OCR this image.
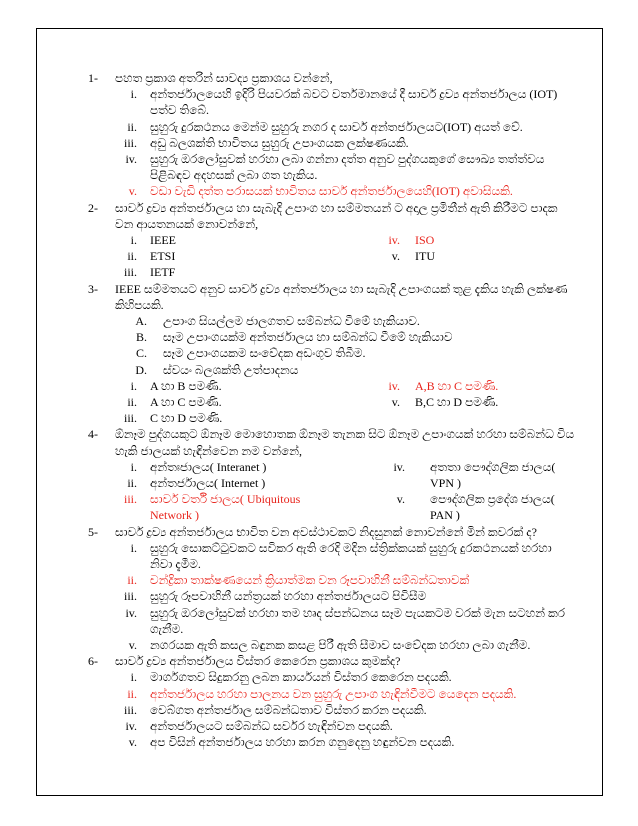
1-	පහත ප්‍රකාශ අතරින් සාවද්‍ය ප්‍රකාශය වන්නේ,
i. අන්තර්ජාලයෙහි ඉදිරි පියවරක් බවට වර්තමානයේ දී සාර්ව ද්‍රව්‍ය අන්තර්ජාලය (IOT)
පත්ව තිබේ.
ii. සුහුරු දුරකථනය මෙන්ම සුහුරු නගර ද සාර්ව අන්තර්ජාලයට(IOT) අයත් වේ.
iii. අඩු බලශක්ති භාවිතය සුහුරු උපාංගයක ලක්ෂණයකි.
iv. සුහුරු ඔරලෝසුවක් හරහා ලබා ගන්නා දත්ත අනුව පුද්ගයකුගේ සෞඛ්‍ය තත්ත්වය
පිළිබඳව අදහසක් ලබා ගත හැකිය.
v. වඩා වැඩි දත්ත පරාසයක් භාවිතය සාර්ව අන්තර්ජාලයෙහි(IOT) අවාසියකි.
2-	සාර්ව ද්‍රව්‍ය අන්තර්ජාලය හා සැබැදි උපාංග හා සම්මතයන් ට අදාල ප්‍රමිතීන් ඇති කිරීමට පාදක
වන ආයතනයක් නොවන්නේ,
i. IEEE
ii. ETSI
iii. IETF
iv. ISO
v. ITU
3-	IEEE සම්මතයට අනුව සාර්ව ද්‍රව්‍ය අන්තර්ජාලය හා සැබැදි උපාංගයක් තුළ දැකිය හැකි ලක්ෂණ
කිහිපයකි.
A. උපාංග සියල්ලම ජාලගතව සම්බන්ධ වීමේ හැකියාව.
B. සෑම උපාංගයක්ම අන්තර්ජාලය හා සම්බන්ධ වීමේ හැකියාව
C. සෑම උපාංගයකම සංවේදක අඩංගුව තිබීම.
D. ස්වයං බලශක්ති උත්පාදනය
i. A හා B පමණි.
ii. A හා C පමණි.
iii. C හා D පමණි.
iv. A,B හා C පමණි.
v. B,C හා D පමණි.
4-	ඕනෑම පුද්ගයකුට ඕනෑම මොහොතක ඕනෑම තැනක සිට ඕනෑම උපාංගයක් හරහා සම්බන්ධ විය
හැකි ජාලයක් හැඳින්වෙන නම වන්නේ,
i. අන්තඃජාලය( Interanet )
ii. අන්තර්ජාලය( Internet )
iii. සාර්ව වර්ති ජාලය( Ubiquitous
Network )
iv. අතතා පෞද්ගලික ජාලය(
VPN )
v. පෞද්ගලික ප්‍රදේශ ජාලය(
PAN )
5-	සාර්ව ද්‍රව්‍ය අන්තර්ජාලය භාවිත වන අවස්ථාවකට නිදසුනක් නොවන්නේ මින් කවරක් ද?
i. සුහුරු සොකට්ටුවකට සවිකර ඇති රෙදි මදින ස්ත්‍රික්කයක් සුහුරු දුරකථනයක් හරහා
නිවා දැමීම.
ii. චන්ද්‍රිකා තාක්ෂණයෙන් ක්‍රියාත්මක වන රූපවාහිනී සම්බන්ධතාවක්
iii. සුහුරු රූපවාහිනී යන්ත්‍රයක් හරහා අන්තර්ජාලයට පිවිසීම
iv. සුහුරු ඔරලෝසුවක් හරහා තම හෘද ස්පන්ධනය සෑම පැයකටම වරක් මැන සටහන් කර
ගැනීම.
v. නගරයක ඇති කසල බඳුනක කසළ පිරී ඇති සීමාව සංවේදක හරහා ලබා ගැනීම.
6-	සාර්ව ද්‍රව්‍ය අන්තර්ජාලය විස්තර කෙරෙන ප්‍රකාශය කුමක්ද?
i. මාර්ගගතව සිදුකරනු ලබන කාර්යයන් විස්තර කෙරෙන පදයකි.
ii. අන්තර්ජාලය හරහා පාලනය වන සුහුරු උපාංග හැඳින්වීමට යෙදෙන පදයකි.
iii. වෙබ්ගත අන්තර්ජාල සම්බන්ධතාව විස්තර කරන පදයකි.
iv. අන්තර්ජාලයට සම්බන්ධ සර්වර හැඳින්වන පදයකි.
v. අප විසින් අන්තර්ජාලය හරහා කරන ගනුදෙනු හඳුන්වන පදයකි.
